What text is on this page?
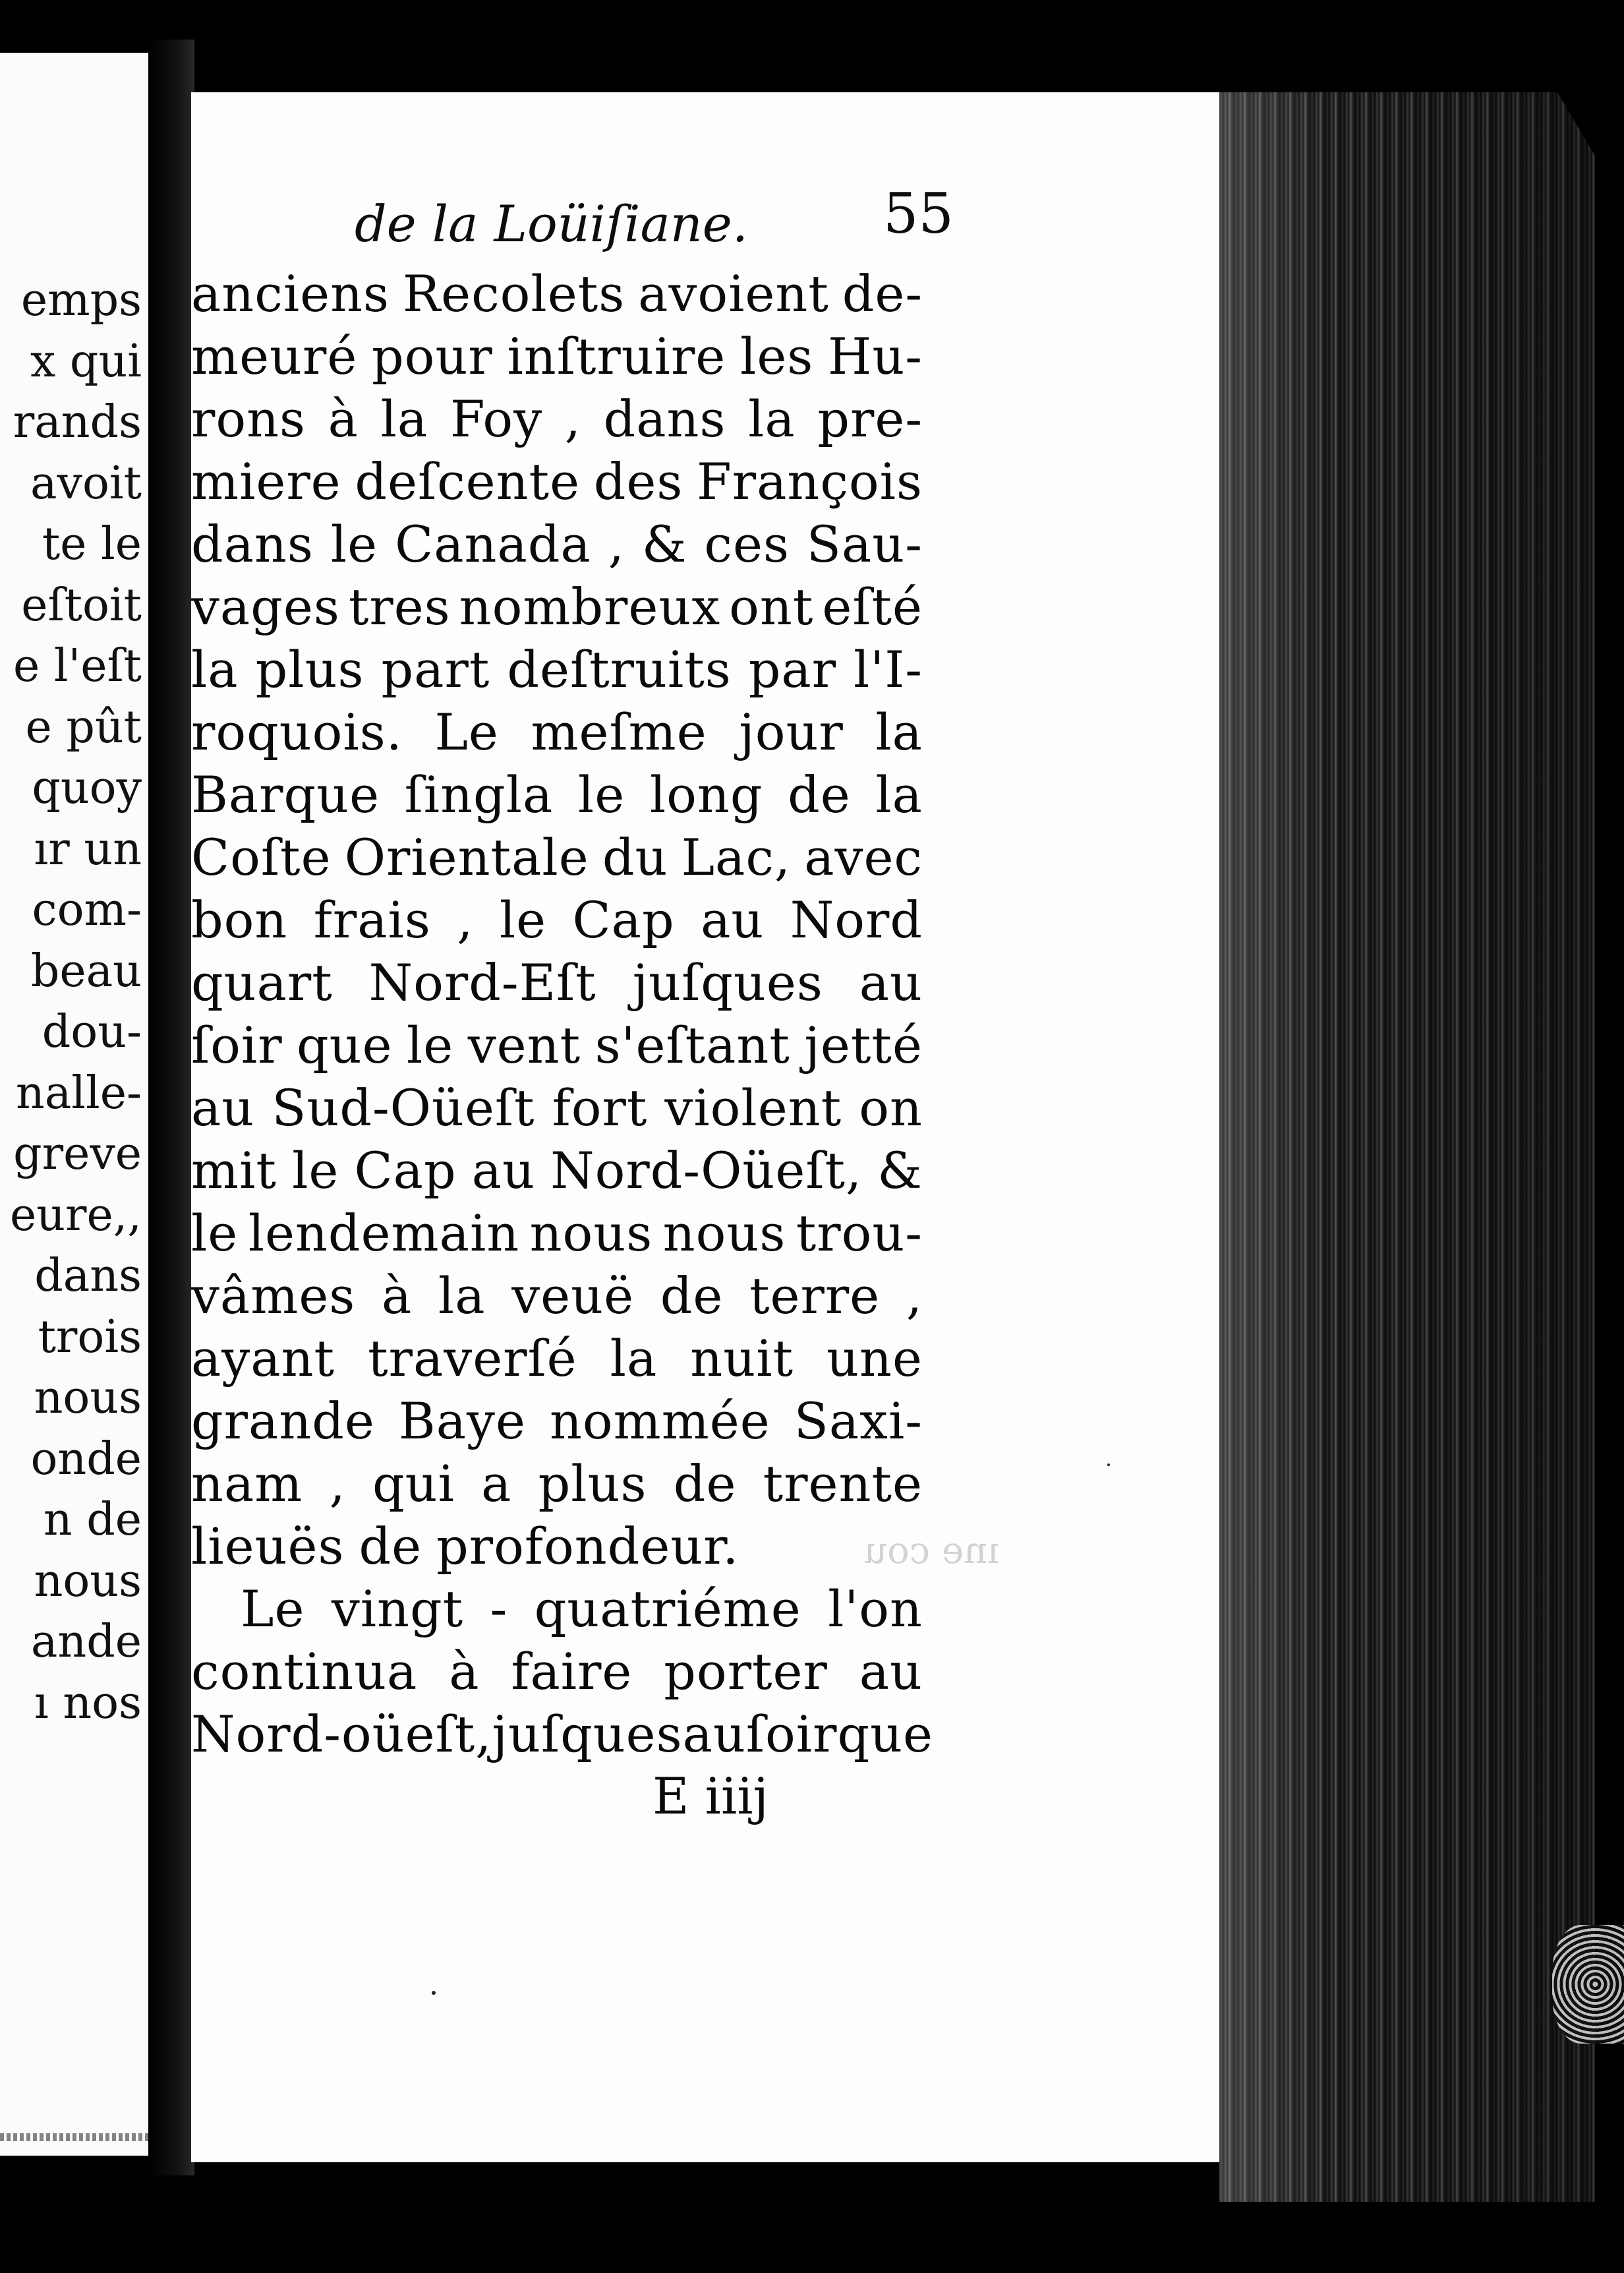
emps
x qui
rands
avoit
te le
eſtoit
e l'eſt
e pût
quoy
ır un
com-
beau
dou-
nalle-
greve
eure,,
dans
trois
nous
onde
n de
nous
ande
ı nos
de la Loüiſiane.	55
anciens Recolets avoient de-
meuré pour inſtruire les Hu-
rons à la Foy , dans la pre-
miere deſcente des François
dans le Canada , & ces Sau-
vages tres nombreux ont eſté
la plus part deſtruits par l'I-
roquois. Le meſme jour la
Barque ſingla le long de la
Coſte Orientale du Lac, avec
bon frais , le Cap au Nord
quart Nord-Eſt juſques au
ſoir que le vent s'eſtant jetté
au Sud-Oüeſt fort violent on
mit le Cap au Nord-Oüeſt, &
le lendemain nous nous trou-
vâmes à la veuë de terre ,
ayant traverſé la nuit une
grande Baye nommée Saxi-
nam , qui a plus de trente
lieuës de profondeur.
Le vingt - quatriéme l'on
continua à faire porter au
Nord-oüeſt, juſques au ſoir que
ıne cou
E iiij
